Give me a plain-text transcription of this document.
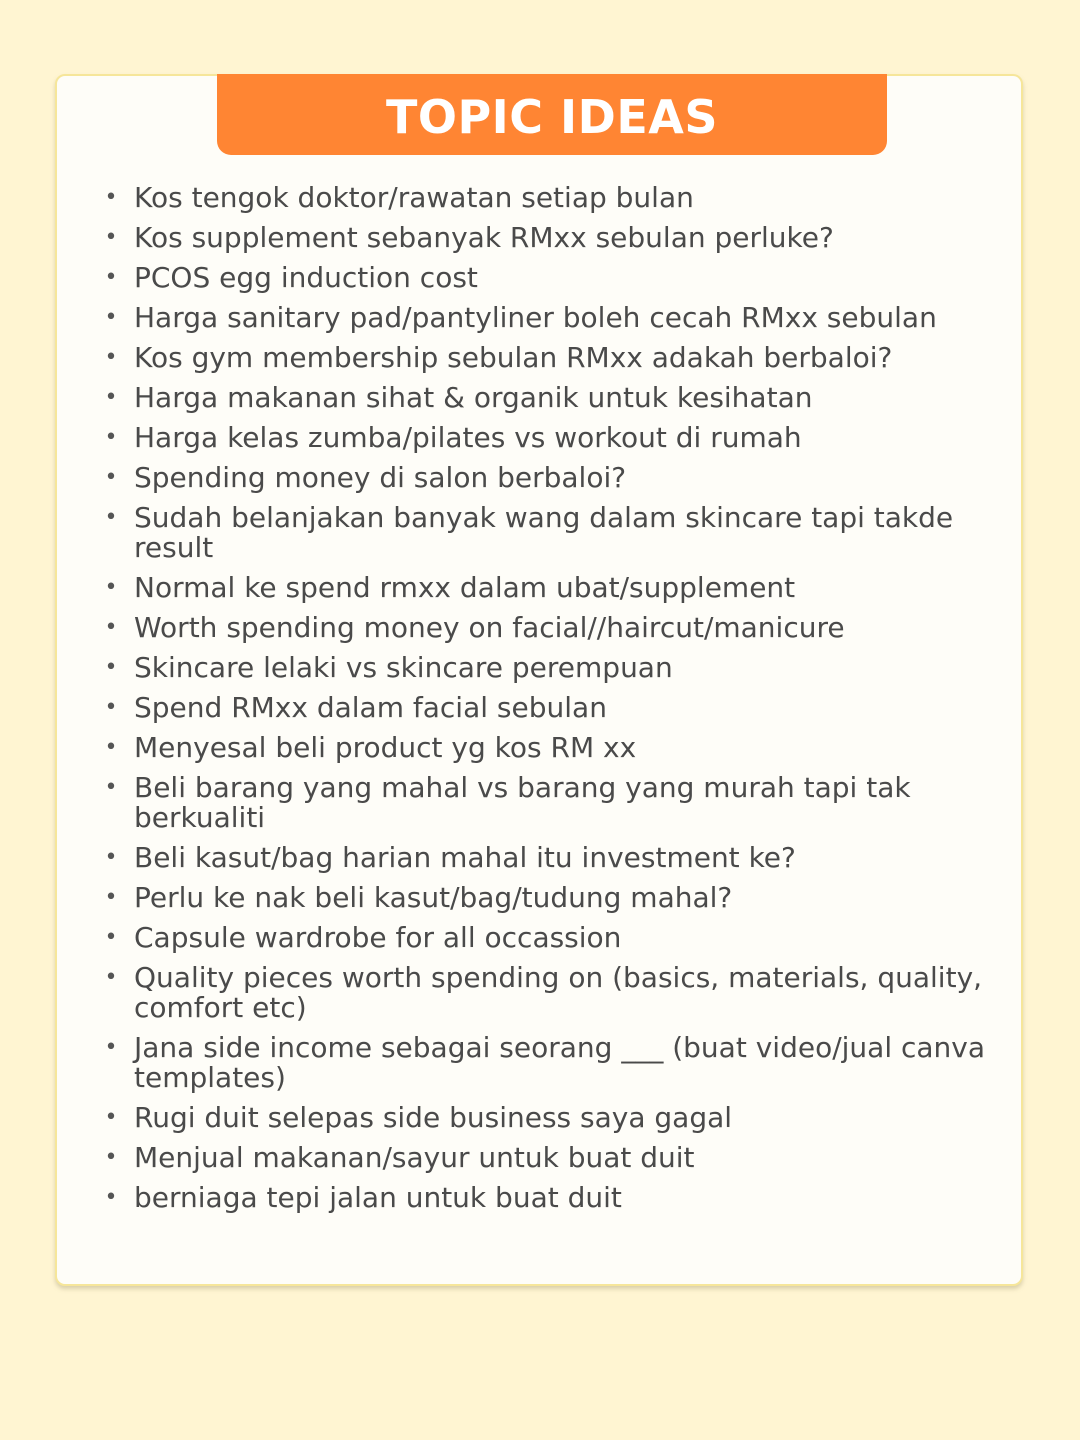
TOPIC IDEAS
• Kos tengok doktor/rawatan setiap bulan
• Kos supplement sebanyak RMxx sebulan perluke?
• PCOS egg induction cost
• Harga sanitary pad/pantyliner boleh cecah RMxx sebulan
• Kos gym membership sebulan RMxx adakah berbaloi?
• Harga makanan sihat & organik untuk kesihatan
• Harga kelas zumba/pilates vs workout di rumah
• Spending money di salon berbaloi?
• Sudah belanjakan banyak wang dalam skincare tapi takde result
• Normal ke spend rmxx dalam ubat/supplement
• Worth spending money on facial//haircut/manicure
• Skincare lelaki vs skincare perempuan
• Spend RMxx dalam facial sebulan
• Menyesal beli product yg kos RM xx
• Beli barang yang mahal vs barang yang murah tapi tak berkualiti
• Beli kasut/bag harian mahal itu investment ke?
• Perlu ke nak beli kasut/bag/tudung mahal?
• Capsule wardrobe for all occassion
• Quality pieces worth spending on (basics, materials, quality, comfort etc)
• Jana side income sebagai seorang ___ (buat video/jual canva templates)
• Rugi duit selepas side business saya gagal
• Menjual makanan/sayur untuk buat duit
• berniaga tepi jalan untuk buat duit
